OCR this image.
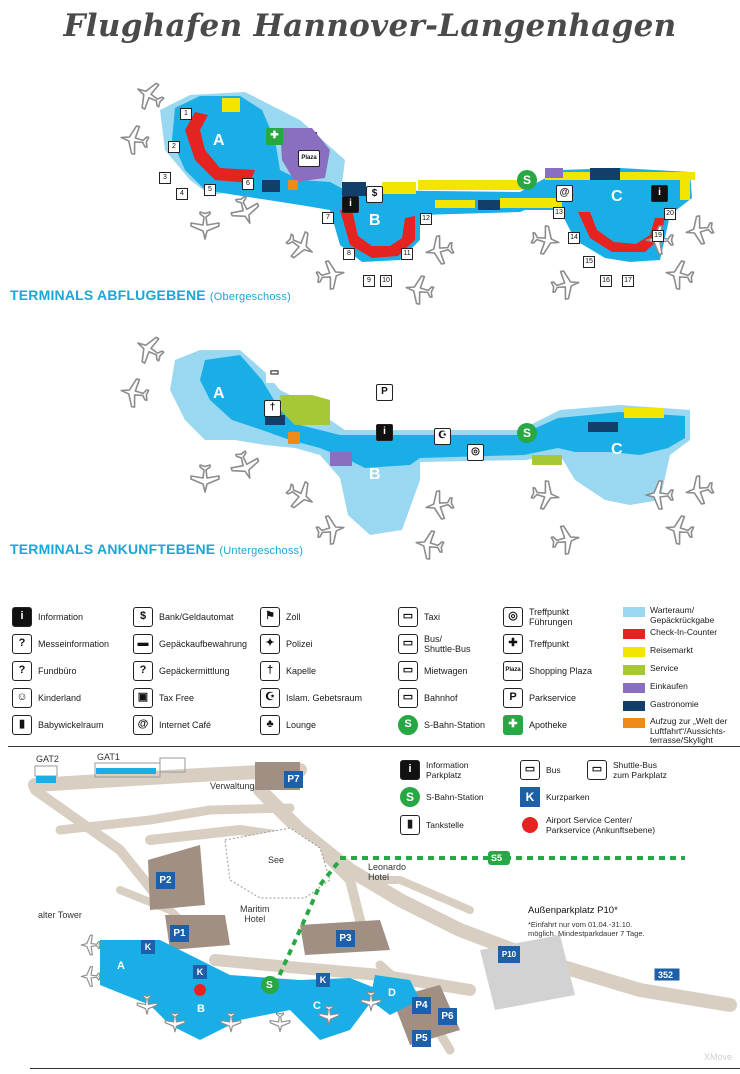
Flughafen Hannover-Langenhagen
S
S
A
B
C
A
B
C
1
2
3
4
5
6
7
8
9	10
11
12
13
14
15
16	17
19
20
✚
Plaza
i
@	i
$
P
▭
i
†
◎
☪
TERMINALS ABFLUGEBENE (Obergeschoss)
TERMINALS ANKUNFTEBENE (Untergeschoss)
i	Information
?	Messeinformation
?	Fundbüro
☺	Kinderland
▮	Babywickelraum
$	Bank/Geldautomat
▬	Gepäckaufbewahrung
?	Gepäckermittlung
▣	Tax Free
@	Internet Café
⚑	Zoll
✦	Polizei
†	Kapelle
☪	Islam. Gebetsraum
♣	Lounge
▭	Taxi
▭	Bus/
Shuttle-Bus
▭	Mietwagen
▭	Bahnhof
S	S-Bahn-Station
◎	Treffpunkt
Führungen
✚	Treffpunkt
Plaza Shopping Plaza
P	Parkservice
✚	Apotheke
Warteraum/
Gepäckrückgabe
Check-In-Counter
Reisemarkt
Service
Einkaufen
Gastronomie
Aufzug zur „Welt der
Luftfahrt“/Aussichts-
terrasse/Skylight
GAT2	GAT1
Verwaltung
See
Leonardo
Hotel
Maritim
Hotel
alter Tower	Außenparkplatz P10*
*Einfahrt nur vom 01.04.-31.10.
möglich. Mindestparkdauer 7 Tage.
S5
352
S
A
B	C
D
P1
P2
P3
P4
P5
P6
P7
P10
K
K
K
i	Information
Parkplatz
S	S-Bahn-Station
▮	Tankstelle
▭	Bus
K	Kurzparken
Airport Service Center/
Parkservice (Ankunftsebene)
▭	Shuttle-Bus
zum Parkplatz
XMove
